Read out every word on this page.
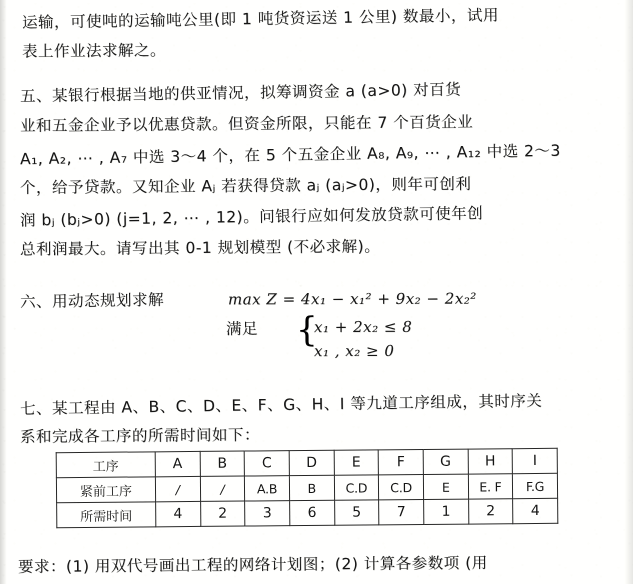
运输，可使吨的运输吨公里(即 1 吨货资运送 1 公里) 数最小，试用
表上作业法求解之。
五、某银行根据当地的供亚情况，拟筹调资金 a (a>0) 对百货
业和五金企业予以优惠贷款。但资金所限，只能在 7 个百货企业
A₁, A₂, ⋯ , A₇ 中选 3～4 个，在 5 个五金企业 A₈, A₉, ⋯ , A₁₂ 中选 2～3
个，给予贷款。又知企业 Aⱼ 若获得贷款 aⱼ (aⱼ>0)，则年可创利
润 bⱼ (bⱼ>0) (j=1, 2, ⋯ , 12)。问银行应如何发放贷款可使年创
总利润最大。请写出其 0-1 规划模型 (不必求解)。
六、用动态规划求解	max Z = 4x₁ − x₁² + 9x₂ − 2x₂²
满足 {
x₁ + 2x₂ ≤ 8
x₁ , x₂ ≥ 0
七、某工程由 A、B、C、D、E、F、G、H、I 等九道工序组成，其时序关
系和完成各工序的所需时间如下：
工序	A	B	C	D	E	F	G	H	I
紧前工序	/	/	A.B	B	C.D	C.D	E	E. F	F.G
所需时间	4	2	3	6	5	7	1	2	4
要求：(1) 用双代号画出工程的网络计划图；(2) 计算各参数项 (用
